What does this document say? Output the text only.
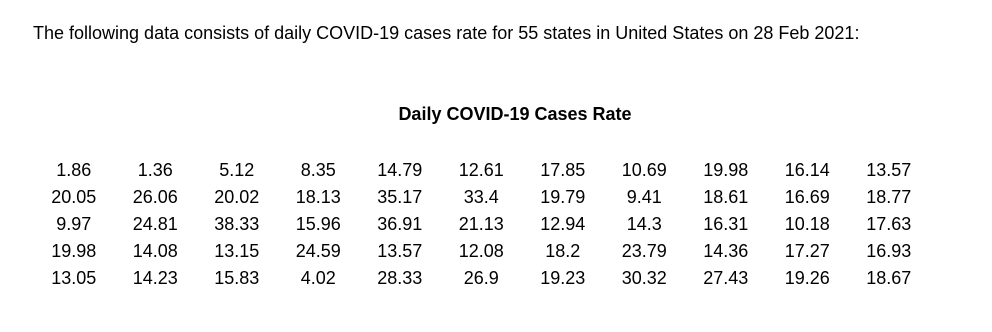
The following data consists of daily COVID-19 cases rate for 55 states in United States on 28 Feb 2021:

Daily COVID-19 Cases Rate
1.86	1.36	5.12	8.35	14.79	12.61	17.85	10.69	19.98	16.14	13.57
20.05	26.06	20.02	18.13	35.17	33.4	19.79	9.41	18.61	16.69	18.77
9.97	24.81	38.33	15.96	36.91	21.13	12.94	14.3	16.31	10.18	17.63
19.98	14.08	13.15	24.59	13.57	12.08	18.2	23.79	14.36	17.27	16.93
13.05	14.23	15.83	4.02	28.33	26.9	19.23	30.32	27.43	19.26	18.67
